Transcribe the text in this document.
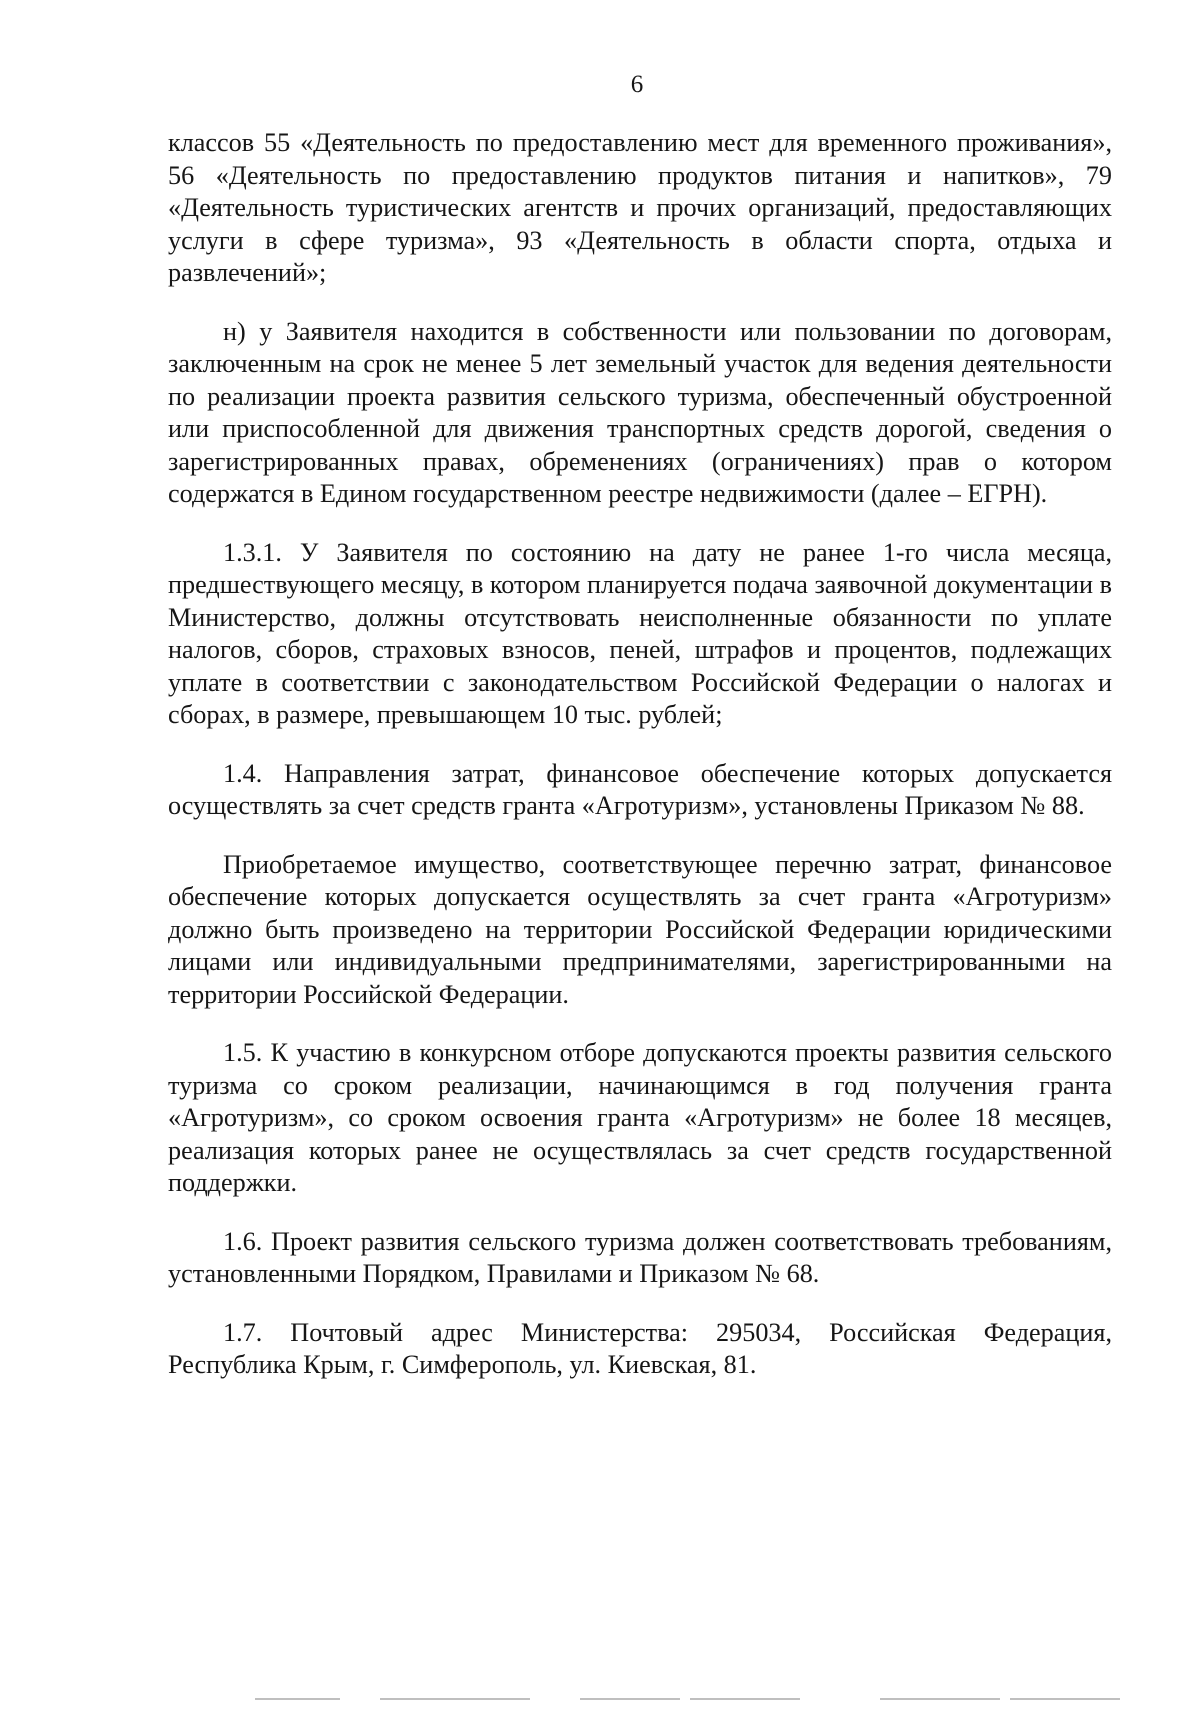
6

классов 55 «Деятельность по предоставлению мест для временного проживания», 56 «Деятельность по предоставлению продуктов питания и напитков», 79 «Деятельность туристических агентств и прочих организаций, предоставляющих услуги в сфере туризма», 93 «Деятельность в области спорта, отдыха и развлечений»;

н) у Заявителя находится в собственности или пользовании по договорам, заключенным на срок не менее 5 лет земельный участок для ведения деятельности по реализации проекта развития сельского туризма, обеспеченный обустроенной или приспособленной для движения транспортных средств дорогой, сведения о зарегистрированных правах, обременениях (ограничениях) прав о котором содержатся в Едином государственном реестре недвижимости (далее – ЕГРН).

1.3.1. У Заявителя по состоянию на дату не ранее 1-го числа месяца, предшествующего месяцу, в котором планируется подача заявочной документации в Министерство, должны отсутствовать неисполненные обязанности по уплате налогов, сборов, страховых взносов, пеней, штрафов и процентов, подлежащих уплате в соответствии с законодательством Российской Федерации о налогах и сборах, в размере, превышающем 10 тыс. рублей;

1.4. Направления затрат, финансовое обеспечение которых допускается осуществлять за счет средств гранта «Агротуризм», установлены Приказом № 88.

Приобретаемое имущество, соответствующее перечню затрат, финансовое обеспечение которых допускается осуществлять за счет гранта «Агротуризм» должно быть произведено на территории Российской Федерации юридическими лицами или индивидуальными предпринимателями, зарегистрированными на территории Российской Федерации.

1.5. К участию в конкурсном отборе допускаются проекты развития сельского туризма со сроком реализации, начинающимся в год получения гранта «Агротуризм», со сроком освоения гранта «Агротуризм» не более 18 месяцев, реализация которых ранее не осуществлялась за счет средств государственной поддержки.

1.6. Проект развития сельского туризма должен соответствовать требованиям, установленными Порядком, Правилами и Приказом № 68.

1.7. Почтовый адрес Министерства: 295034, Российская Федерация, Республика Крым, г. Симферополь, ул. Киевская, 81.
